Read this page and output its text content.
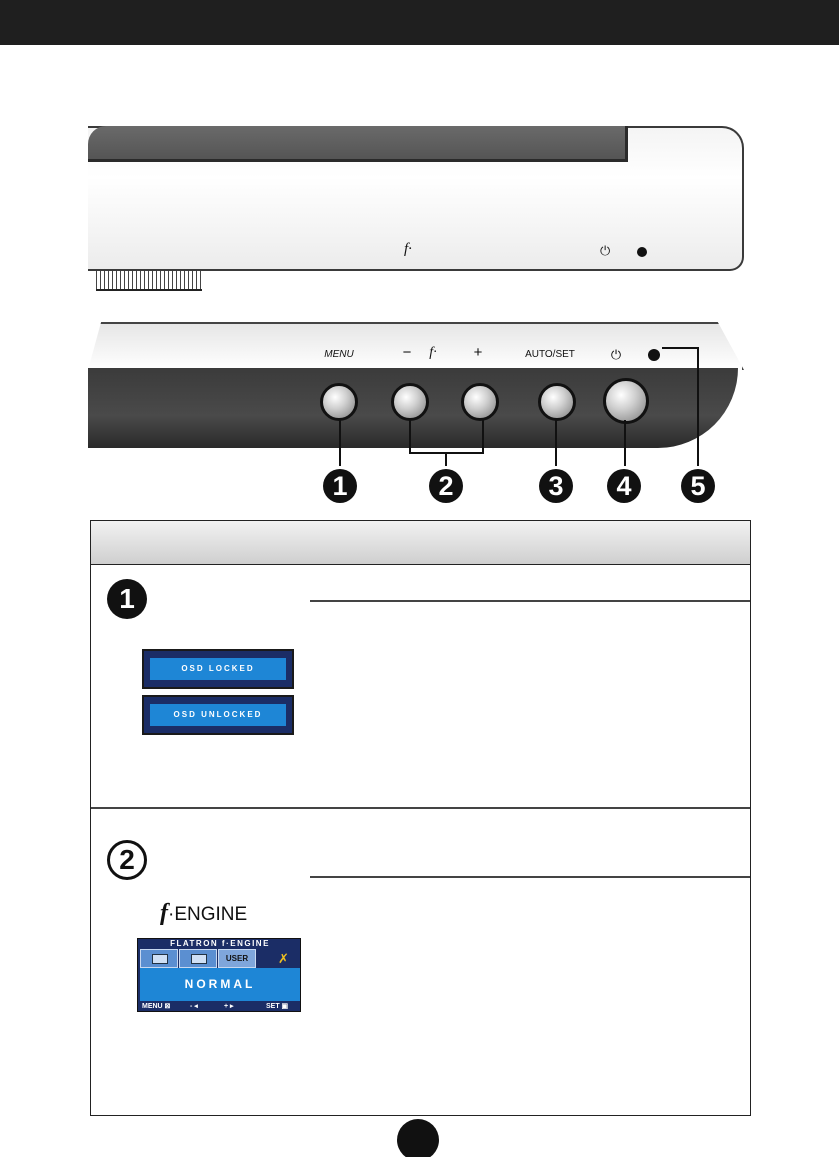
f·	⏻
MENU	− f· +	AUTO/SET	⏻
1	2	3	4	5
1
OSD LOCKED
OSD UNLOCKED
2
f·ENGINE
FLATRON f·ENGINE
USER	✗
NORMAL
MENU ⊠	- ◂	+ ▸	SET ▣
